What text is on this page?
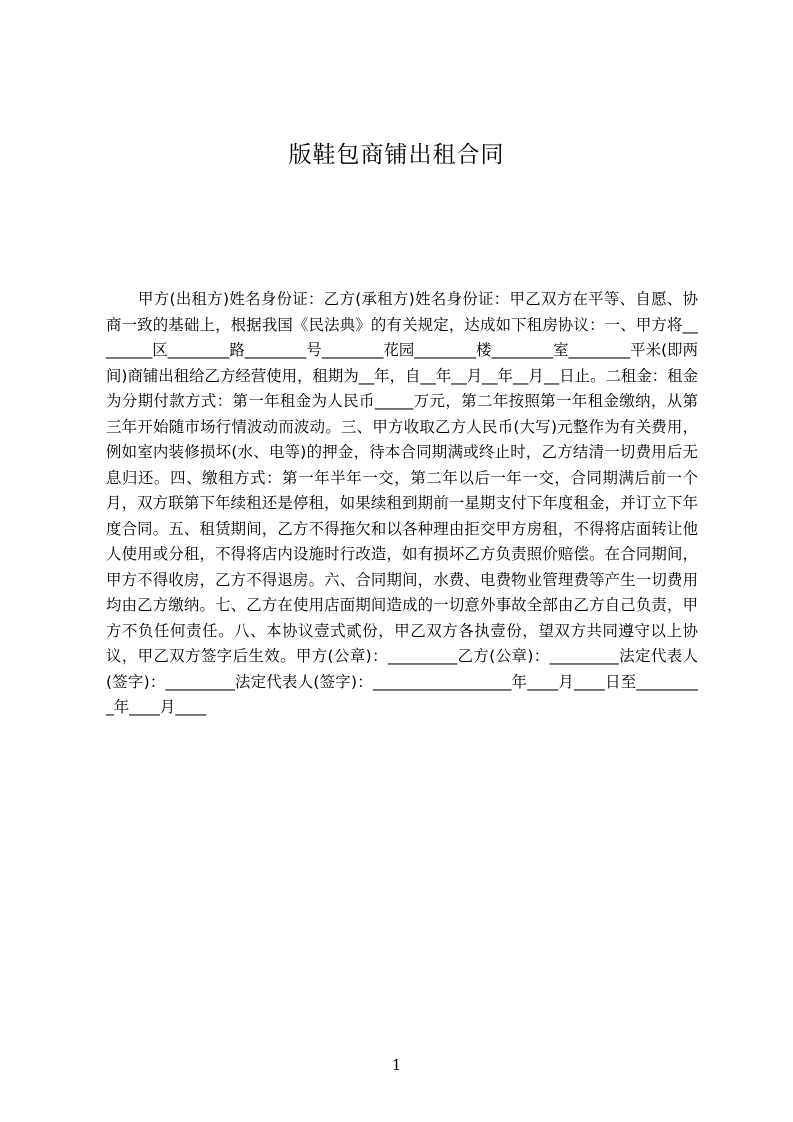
版鞋包商铺出租合同
甲方(出租方)姓名身份证：乙方(承租方)姓名身份证：甲乙双方在平等、自愿、协商一致的基础上，根据我国《民法典》的有关规定，达成如下租房协议：一、甲方将________区________路________号________花园________楼________室________平米(即两间)商铺出租给乙方经营使用，租期为__年，自__年__月__年__月__日止。二租金：租金为分期付款方式：第一年租金为人民币_____万元，第二年按照第一年租金缴纳，从第三年开始随市场行情波动而波动。三、甲方收取乙方人民币(大写)元整作为有关费用，例如室内装修损坏(水、电等)的押金，待本合同期满或终止时，乙方结清一切费用后无息归还。四、缴租方式：第一年半年一交，第二年以后一年一交，合同期满后前一个月，双方联第下年续租还是停租，如果续租到期前一星期支付下年度租金，并订立下年度合同。五、租赁期间，乙方不得拖欠和以各种理由拒交甲方房租，不得将店面转让他人使用或分租，不得将店内设施时行改造，如有损坏乙方负责照价赔偿。在合同期间，甲方不得收房，乙方不得退房。六、合同期间，水费、电费物业管理费等产生一切费用均由乙方缴纳。七、乙方在使用店面期间造成的一切意外事故全部由乙方自己负责，甲方不负任何责任。八、本协议壹式贰份，甲乙双方各执壹份，望双方共同遵守以上协议，甲乙双方签字后生效。甲方(公章)：_________乙方(公章)：_________法定代表人(签字)：_________法定代表人(签字)：__________________年____月____日至_________年____月____
1
